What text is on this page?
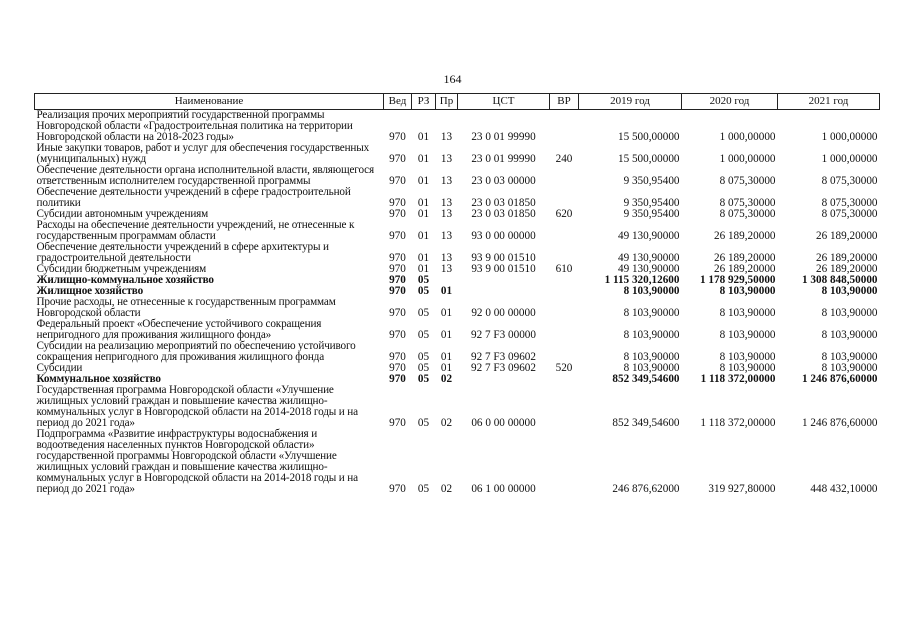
164
Наименование	Вед	РЗ	Пр	ЦСТ	ВР	2019 год	2020 год	2021 год
Реализация прочих мероприятий государственной программы Новгородской области «Градостроительная политика на территории Новгородской области на 2018-2023 годы»	970	01	13	23 0 01 99990		15 500,00000	1 000,00000	1 000,00000
Иные закупки товаров, работ и услуг для обеспечения государственных (муниципальных) нужд	970	01	13	23 0 01 99990	240	15 500,00000	1 000,00000	1 000,00000
Обеспечение деятельности органа исполнительной власти, являющегося ответственным исполнителем государственной программы	970	01	13	23 0 03 00000		9 350,95400	8 075,30000	8 075,30000
Обеспечение деятельности учреждений в сфере градостроительной политики	970	01	13	23 0 03 01850		9 350,95400	8 075,30000	8 075,30000
Субсидии автономным учреждениям	970	01	13	23 0 03 01850	620	9 350,95400	8 075,30000	8 075,30000
Расходы на обеспечение деятельности учреждений, не отнесенные к государственным программам области	970	01	13	93 0 00 00000		49 130,90000	26 189,20000	26 189,20000
Обеспечение деятельности учреждений в сфере архитектуры и градостроительной деятельности	970	01	13	93 9 00 01510		49 130,90000	26 189,20000	26 189,20000
Субсидии бюджетным учреждениям	970	01	13	93 9 00 01510	610	49 130,90000	26 189,20000	26 189,20000
Жилищно-коммунальное хозяйство	970	05				1 115 320,12600	1 178 929,50000	1 308 848,50000
Жилищное хозяйство	970	05	01			8 103,90000	8 103,90000	8 103,90000
Прочие расходы, не отнесенные к государственным программам Новгородской области	970	05	01	92 0 00 00000		8 103,90000	8 103,90000	8 103,90000
Федеральный проект «Обеспечение устойчивого сокращения непригодного для проживания жилищного фонда»	970	05	01	92 7 F3 00000		8 103,90000	8 103,90000	8 103,90000
Субсидии на реализацию мероприятий по обеспечению устойчивого сокращения непригодного для проживания жилищного фонда	970	05	01	92 7 F3 09602		8 103,90000	8 103,90000	8 103,90000
Субсидии	970	05	01	92 7 F3 09602	520	8 103,90000	8 103,90000	8 103,90000
Коммунальное хозяйство	970	05	02			852 349,54600	1 118 372,00000	1 246 876,60000
Государственная программа Новгородской области «Улучшение жилищных условий граждан и повышение качества жилищно-коммунальных услуг в Новгородской области на 2014-2018 годы и на период до 2021 года»	970	05	02	06 0 00 00000		852 349,54600	1 118 372,00000	1 246 876,60000
Подпрограмма «Развитие инфраструктуры водоснабжения и водоотведения населенных пунктов Новгородской области» государственной программы Новгородской области «Улучшение жилищных условий граждан и повышение качества жилищно-коммунальных услуг в Новгородской области на 2014-2018 годы и на период до 2021 года»	970	05	02	06 1 00 00000		246 876,62000	319 927,80000	448 432,10000
